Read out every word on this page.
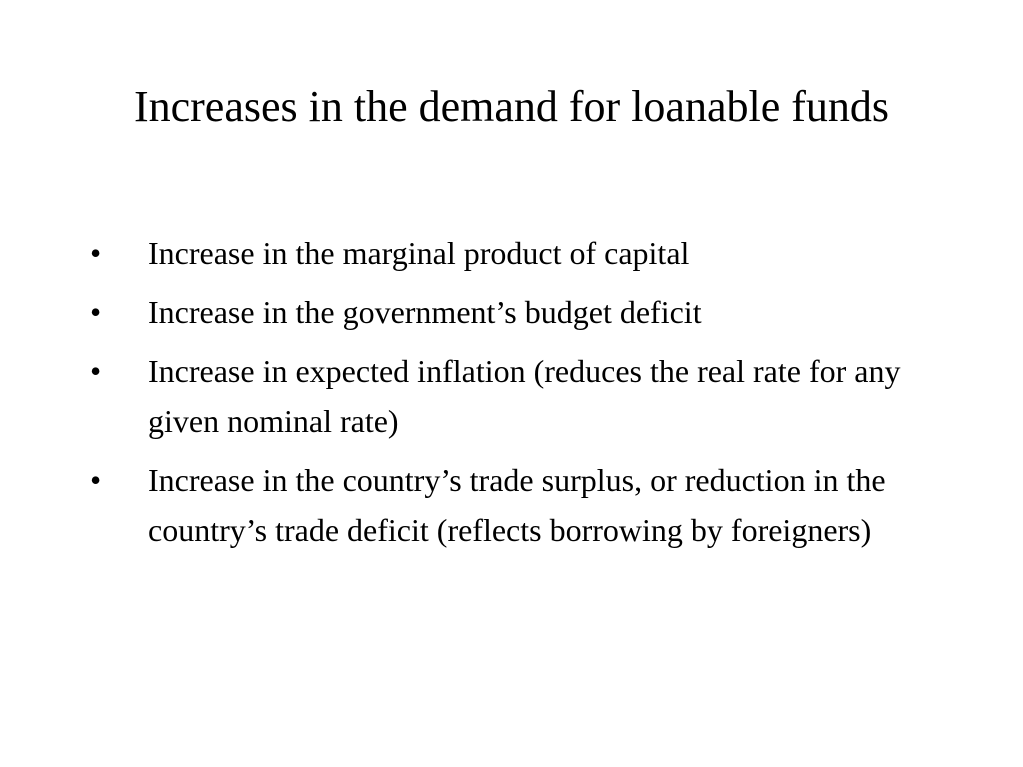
Increases in the demand for loanable funds
•	Increase in the marginal product of capital
•	Increase in the government’s budget deficit
•	Increase in expected inflation (reduces the real rate for any given nominal rate)
•	Increase in the country’s trade surplus, or reduction in the country’s trade deficit (reflects borrowing by foreigners)
